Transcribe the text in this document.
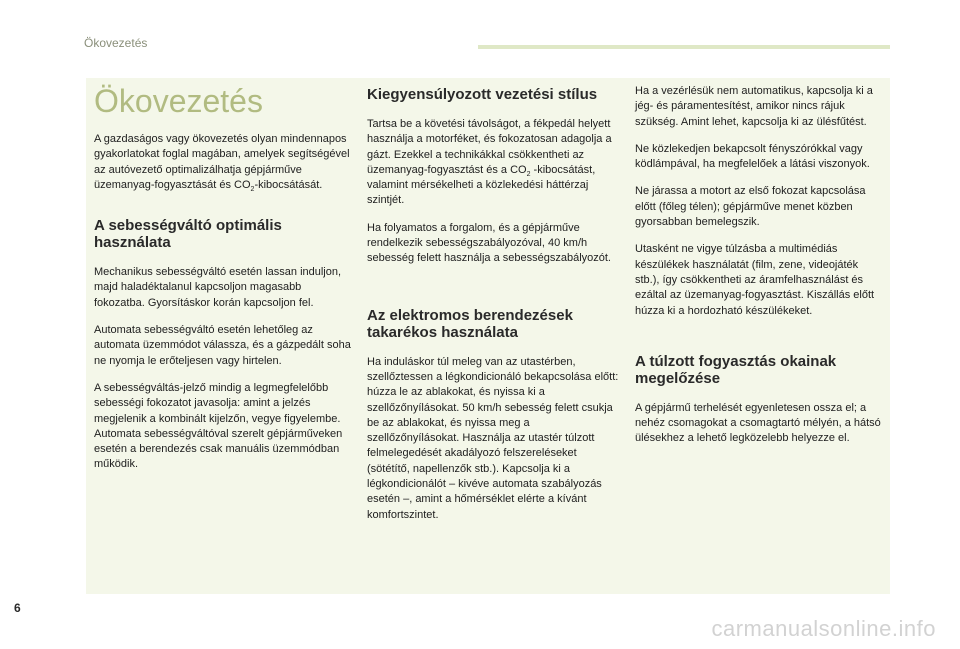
Ökovezetés
Ökovezetés

A gazdaságos vagy ökovezetés olyan mindennapos gyakorlatokat foglal magában, amelyek segítségével az autóvezető optimalizálhatja gépjárműve üzemanyag-fogyasztását és $CO_2$-kibocsátását.

A sebességváltó optimális használata

Mechanikus sebességváltó esetén lassan induljon, majd haladéktalanul kapcsoljon magasabb fokozatba. Gyorsításkor korán kapcsoljon fel.

Automata sebességváltó esetén lehetőleg az automata üzemmódot válassza, és a gázpedált soha ne nyomja le erőteljesen vagy hirtelen.

A sebességváltás-jelző mindig a legmegfelelőbb sebességi fokozatot javasolja: amint a jelzés megjelenik a kombinált kijelzőn, vegye figyelembe. Automata sebességváltóval szerelt gépjárműveken esetén a berendezés csak manuális üzemmódban működik.

Kiegyensúlyozott vezetési stílus

Tartsa be a követési távolságot, a fékpedál helyett használja a motorféket, és fokozatosan adagolja a gázt. Ezekkel a technikákkal csökkentheti az üzemanyag-fogyasztást és a $CO_2$ -kibocsátást, valamint mérsékelheti a közlekedési háttérzaj szintjét.

Ha folyamatos a forgalom, és a gépjárműve rendelkezik sebességszabályozóval, 40 km/h sebesség felett használja a sebességszabályozót.

Az elektromos berendezések takarékos használata

Ha induláskor túl meleg van az utastérben, szellőztessen a légkondicionáló bekapcsolása előtt: húzza le az ablakokat, és nyissa ki a szellőzőnyílásokat. 50 km/h sebesség felett csukja be az ablakokat, és nyissa meg a szellőzőnyílásokat. Használja az utastér túlzott felmelegedését akadályozó felszereléseket (sötétítő, napellenzők stb.). Kapcsolja ki a légkondicionálót – kivéve automata szabályozás esetén –, amint a hőmérséklet elérte a kívánt komfortszintet.

Ha a vezérlésük nem automatikus, kapcsolja ki a jég- és páramentesítést, amikor nincs rájuk szükség. Amint lehet, kapcsolja ki az ülésfűtést.

Ne közlekedjen bekapcsolt fényszórókkal vagy ködlámpával, ha megfelelőek a látási viszonyok.

Ne járassa a motort az első fokozat kapcsolása előtt (főleg télen); gépjárműve menet közben gyorsabban bemelegszik.

Utasként ne vigye túlzásba a multimédiás készülékek használatát (film, zene, videojáték stb.), így csökkentheti az áramfelhasználást és ezáltal az üzemanyag-fogyasztást. Kiszállás előtt húzza ki a hordozható készülékeket.

A túlzott fogyasztás okainak megelőzése

A gépjármű terhelését egyenletesen ossza el; a nehéz csomagokat a csomagtartó mélyén, a hátsó ülésekhez a lehető legközelebb helyezze el.

6
carmanualsonline.info
